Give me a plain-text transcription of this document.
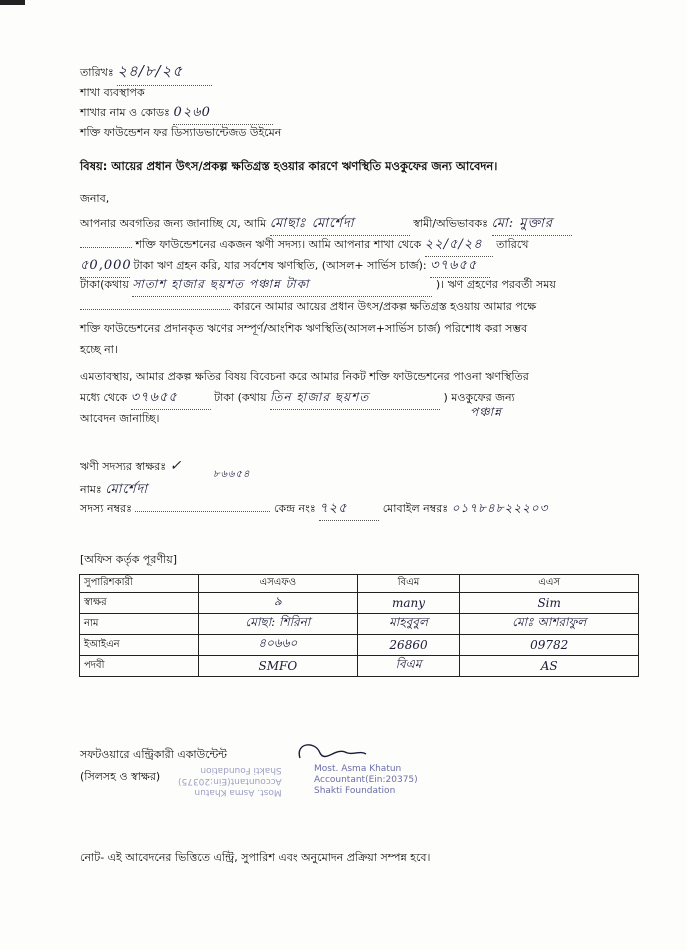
তারিখঃ ২৪/৮/২৫
শাখা ব্যবস্থাপক
শাখার নাম ও কোডঃ 0২৬0
শক্তি ফাউন্ডেশন ফর ডিস্যাডভান্টেজড উইমেন
বিষয়: আয়ের প্রধান উৎস/প্রকল্প ক্ষতিগ্রস্ত হওয়ার কারণে ঋণস্থিতি মওকুফের জন্য আবেদন।
জনাব,
আপনার অবগতির জন্য জানাচ্ছি যে, আমি মোছাঃ মোর্শেদা	স্বামী/অভিভাবকঃ মো: মুক্তার
শক্তি ফাউন্ডেশনের একজন ঋণী সদস্য। আমি আপনার শাখা থেকে ২২/৫/২৪ তারিখে
৫0,000 টাকা ঋণ গ্রহন করি, যার সর্বশেষ ঋণস্থিতি, (আসল+ সার্ভিস চার্জ): ৩৭৬৫৫
টাকা(কথায় সাতাশ হাজার ছয়শত পঞ্চান্ন টাকা	)। ঋণ গ্রহণের পরবর্তী সময়
কারনে আমার আয়ের প্রধান উৎস/প্রকল্প ক্ষতিগ্রস্ত হওয়ায় আমার পক্ষে
শক্তি ফাউন্ডেশনের প্রদানকৃত ঋণের সম্পূর্ণ/আংশিক ঋণস্থিতি(আসল+সার্ভিস চার্জ) পরিশোধ করা সম্ভব
হচ্ছে না।
এমতাবস্থায়, আমার প্রকল্প ক্ষতির বিষয় বিবেচনা করে আমার নিকট শক্তি ফাউন্ডেশনের পাওনা ঋণস্থিতির
মধ্যে থেকে ৩৭৬৫৫	টাকা (কথায় তিন হাজার ছয়শত	) মওকুফের জন্য
আবেদন জানাচ্ছি।	পঞ্চান্ন
ঋণী সদস্যর স্বাক্ষরঃ ✓
৮৬৬৫৪
নামঃ মোর্শেদা
সদস্য নম্বরঃ	কেন্দ্র নংঃ ৭২৫	মোবাইল নম্বরঃ ০১৭৮৪৮২২২০৩
[অফিস কর্তৃক পূরণীয়]
সুপারিশকারী	এসএফও	বিএম	এএস
স্বাক্ষর	৯	many	Sim
নাম	মোছা: শিরিনা	মাহবুবুল	মোঃ আশরাফুল
ইআইএন	৪০৬৬০	26860	09782
পদবী	SMFO	বিএম	AS
সফটওয়ারে এন্ট্রিকারী একাউন্টেন্ট
(সিলসহ ও স্বাক্ষর)
Most. Asma Khatun
Accountant(Ein:20375)
Shakti Foundation
Most. Asma Khatun
Accountant(Ein:20375)
Shakti Foundation
নোট- এই আবেদনের ভিত্তিতে এন্ট্রি, সুপারিশ এবং অনুমোদন প্রক্রিয়া সম্পন্ন হবে।
